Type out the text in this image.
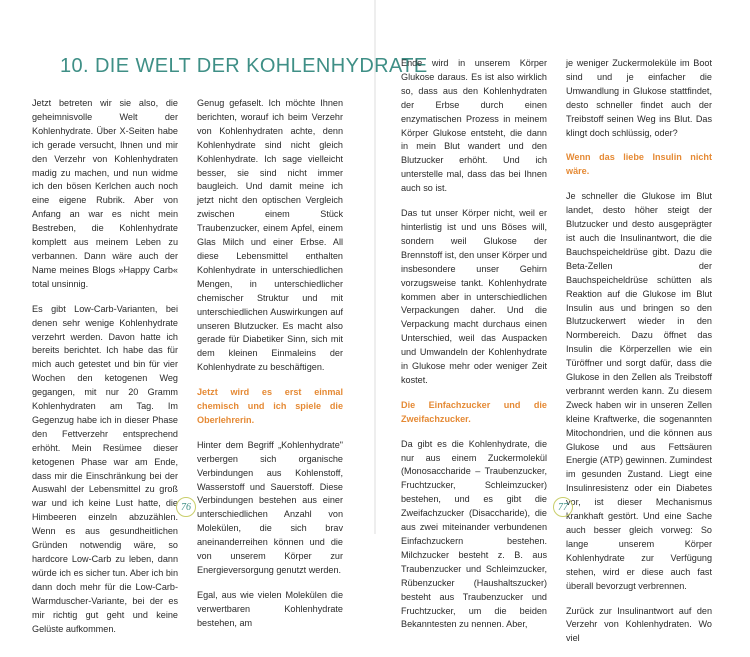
10. DIE WELT DER KOHLENHYDRATE

Jetzt betreten wir sie also, die geheimnisvolle Welt der Kohlenhydrate. Über X-Seiten habe ich gerade versucht, Ihnen und mir den Verzehr von Kohlenhydraten madig zu machen, und nun widme ich den bösen Kerlchen auch noch eine eigene Rubrik. Aber von Anfang an war es nicht mein Bestreben, die Kohlenhydrate komplett aus meinem Leben zu verbannen. Dann wäre auch der Name meines Blogs »Happy Carb« total unsinnig.

Es gibt Low-Carb-Varianten, bei denen sehr wenige Kohlenhydrate verzehrt werden. Davon hatte ich bereits berichtet. Ich habe das für mich auch getestet und bin für vier Wochen den ketogenen Weg gegangen, mit nur 20 Gramm Kohlenhydraten am Tag. Im Gegenzug habe ich in dieser Phase den Fettverzehr entsprechend erhöht. Mein Resümee dieser ketogenen Phase war am Ende, dass mir die Einschränkung bei der Auswahl der Lebensmittel zu groß war und ich keine Lust hatte, die Himbeeren einzeln abzuzählen. Wenn es aus gesundheitlichen Gründen notwendig wäre, so hardcore Low-Carb zu leben, dann würde ich es sicher tun. Aber ich bin dann doch mehr für die Low-Carb-Warmduscher-Variante, bei der es mir richtig gut geht und keine Gelüste aufkommen.

Genug gefaselt. Ich möchte Ihnen berichten, worauf ich beim Verzehr von Kohlenhydraten achte, denn Kohlenhydrate sind nicht gleich Kohlenhydrate. Ich sage vielleicht besser, sie sind nicht immer baugleich. Und damit meine ich jetzt nicht den optischen Vergleich zwischen einem Stück Traubenzucker, einem Apfel, einem Glas Milch und einer Erbse. All diese Lebensmittel enthalten Kohlenhydrate in unterschiedlichen Mengen, in unterschiedlicher chemischer Struktur und mit unterschiedlichen Auswirkungen auf unseren Blutzucker. Es macht also gerade für Diabetiker Sinn, sich mit dem kleinen Einmaleins der Kohlenhydrate zu beschäftigen.

Jetzt wird es erst einmal chemisch und ich spiele die Oberlehrerin.

Hinter dem Begriff „Kohlenhydrate" verbergen sich organische Verbindungen aus Kohlenstoff, Wasserstoff und Sauerstoff. Diese Verbindungen bestehen aus einer unterschiedlichen Anzahl von Molekülen, die sich brav aneinanderreihen können und die von unserem Körper zur Energieversorgung genutzt werden.

Egal, aus wie vielen Molekülen die verwertbaren Kohlenhydrate bestehen, am

Ende wird in unserem Körper Glukose daraus. Es ist also wirklich so, dass aus den Kohlenhydraten der Erbse durch einen enzymatischen Prozess in meinem Körper Glukose entsteht, die dann in mein Blut wandert und den Blutzucker erhöht. Und ich unterstelle mal, dass das bei Ihnen auch so ist.

Das tut unser Körper nicht, weil er hinterlistig ist und uns Böses will, sondern weil Glukose der Brennstoff ist, den unser Körper und insbesondere unser Gehirn vorzugsweise tankt. Kohlenhydrate kommen aber in unterschiedlichen Verpackungen daher. Und die Verpackung macht durchaus einen Unterschied, weil das Auspacken und Umwandeln der Kohlenhydrate in Glukose mehr oder weniger Zeit kostet.

Die Einfachzucker und die Zweifachzucker.

Da gibt es die Kohlenhydrate, die nur aus einem Zuckermolekül (Monosaccharide – Traubenzucker, Fruchtzucker, Schleimzucker) bestehen, und es gibt die Zweifachzucker (Disaccharide), die aus zwei miteinander verbundenen Einfachzuckern bestehen. Milchzucker besteht z. B. aus Traubenzucker und Schleimzucker, Rübenzucker (Haushaltszucker) besteht aus Traubenzucker und Fruchtzucker, um die beiden Bekanntesten zu nennen. Aber,

je weniger Zuckermoleküle im Boot sind und je einfacher die Umwandlung in Glukose stattfindet, desto schneller findet auch der Treibstoff seinen Weg ins Blut. Das klingt doch schlüssig, oder?

Wenn das liebe Insulin nicht wäre.

Je schneller die Glukose im Blut landet, desto höher steigt der Blutzucker und desto ausgeprägter ist auch die Insulinantwort, die die Bauchspeicheldrüse gibt. Dazu die Beta-Zellen der Bauchspeicheldrüse schütten als Reaktion auf die Glukose im Blut Insulin aus und bringen so den Blutzuckerwert wieder in den Normbereich. Dazu öffnet das Insulin die Körperzellen wie ein Türöffner und sorgt dafür, dass die Glukose in den Zellen als Treibstoff verbrannt werden kann. Zu diesem Zweck haben wir in unseren Zellen kleine Kraftwerke, die sogenannten Mitochondrien, und die können aus Glukose und aus Fettsäuren Energie (ATP) gewinnen. Zumindest im gesunden Zustand. Liegt eine Insulinresistenz oder ein Diabetes vor, ist dieser Mechanismus krankhaft gestört. Und eine Sache auch besser gleich vorweg: So lange unserem Körper Kohlenhydrate zur Verfügung stehen, wird er diese auch fast überall bevorzugt verbrennen.

Zurück zur Insulinantwort auf den Verzehr von Kohlenhydraten. Wo viel

76	77
